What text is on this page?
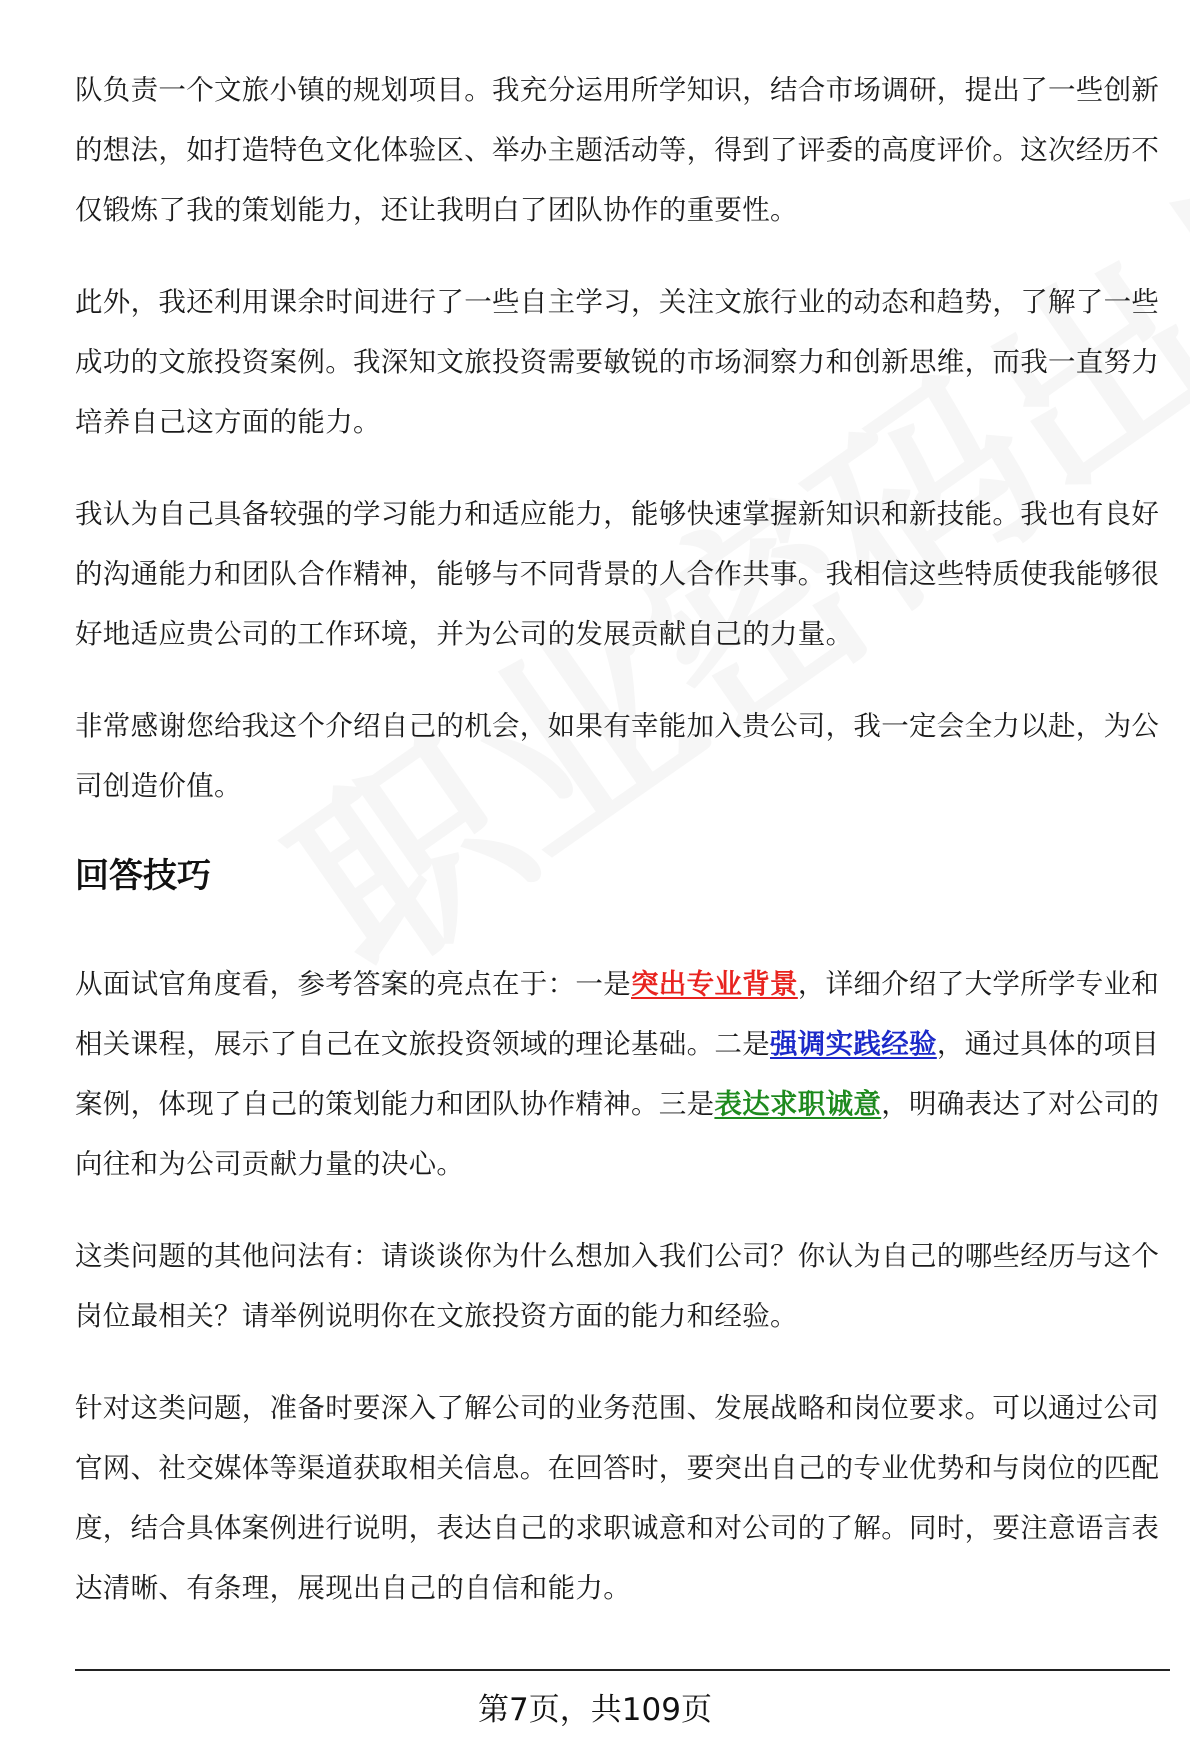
队负责一个文旅小镇的规划项目。我充分运用所学知识，结合市场调研，提出了一些创新的想法，如打造特色文化体验区、举办主题活动等，得到了评委的高度评价。这次经历不仅锻炼了我的策划能力，还让我明白了团队协作的重要性。

此外，我还利用课余时间进行了一些自主学习，关注文旅行业的动态和趋势，了解了一些成功的文旅投资案例。我深知文旅投资需要敏锐的市场洞察力和创新思维，而我一直努力培养自己这方面的能力。

我认为自己具备较强的学习能力和适应能力，能够快速掌握新知识和新技能。我也有良好的沟通能力和团队合作精神，能够与不同背景的人合作共事。我相信这些特质使我能够很好地适应贵公司的工作环境，并为公司的发展贡献自己的力量。

非常感谢您给我这个介绍自己的机会，如果有幸能加入贵公司，我一定会全力以赴，为公司创造价值。

回答技巧

从面试官角度看，参考答案的亮点在于：一是突出专业背景，详细介绍了大学所学专业和相关课程，展示了自己在文旅投资领域的理论基础。二是强调实践经验，通过具体的项目案例，体现了自己的策划能力和团队协作精神。三是表达求职诚意，明确表达了对公司的向往和为公司贡献力量的决心。

这类问题的其他问法有：请谈谈你为什么想加入我们公司？你认为自己的哪些经历与这个岗位最相关？请举例说明你在文旅投资方面的能力和经验。

针对这类问题，准备时要深入了解公司的业务范围、发展战略和岗位要求。可以通过公司官网、社交媒体等渠道获取相关信息。在回答时，要突出自己的专业优势和与岗位的匹配度，结合具体案例进行说明，表达自己的求职诚意和对公司的了解。同时，要注意语言表达清晰、有条理，展现出自己的自信和能力。

第7页，共109页
